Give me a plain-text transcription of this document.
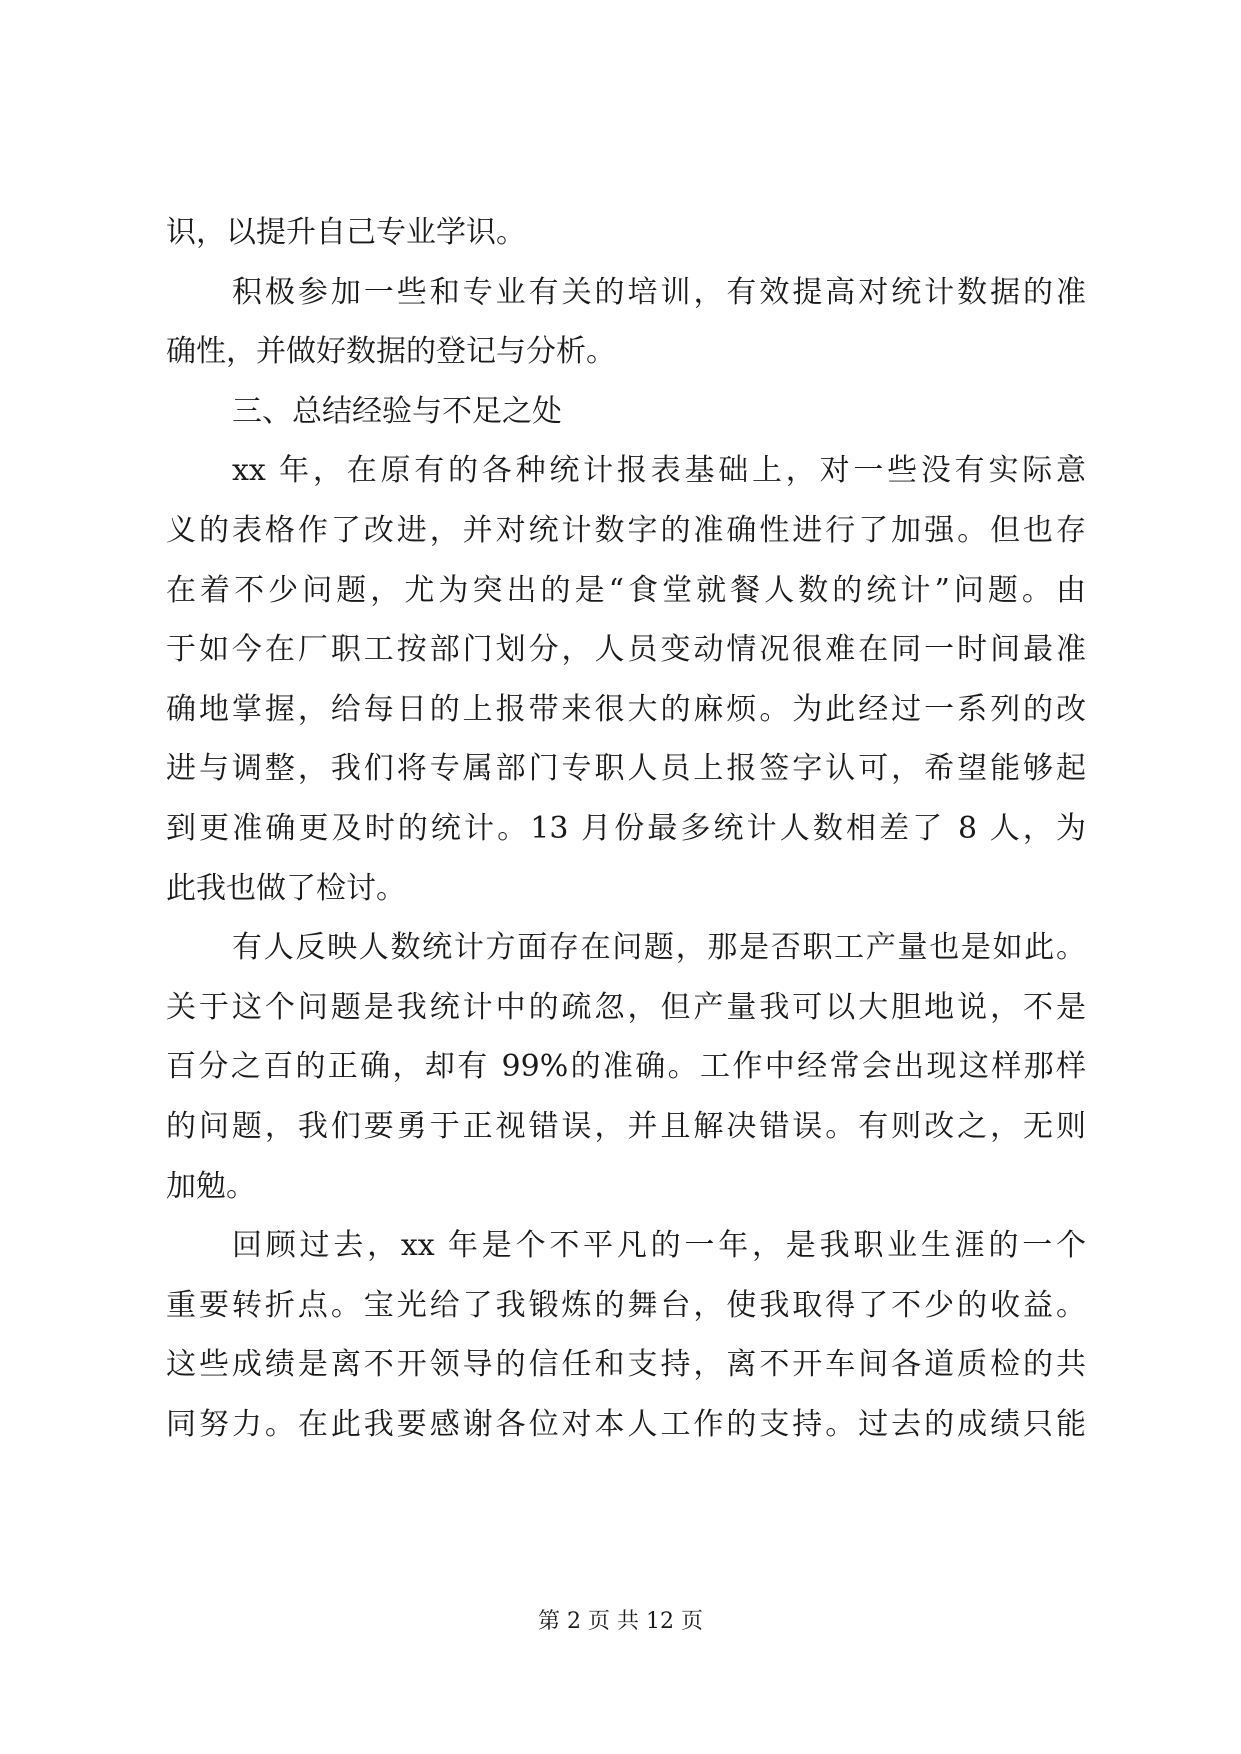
识，以提升自己专业学识。
积极参加一些和专业有关的培训，有效提高对统计数据的准
确性，并做好数据的登记与分析。
三、总结经验与不足之处
xx 年，在原有的各种统计报表基础上，对一些没有实际意
义的表格作了改进，并对统计数字的准确性进行了加强。但也存
在着不少问题，尤为突出的是“食堂就餐人数的统计”问题。由
于如今在厂职工按部门划分，人员变动情况很难在同一时间最准
确地掌握，给每日的上报带来很大的麻烦。为此经过一系列的改
进与调整，我们将专属部门专职人员上报签字认可，希望能够起
到更准确更及时的统计。13 月份最多统计人数相差了 8 人，为
此我也做了检讨。
有人反映人数统计方面存在问题，那是否职工产量也是如此。
关于这个问题是我统计中的疏忽，但产量我可以大胆地说，不是
百分之百的正确，却有 99%的准确。工作中经常会出现这样那样
的问题，我们要勇于正视错误，并且解决错误。有则改之，无则
加勉。
回顾过去，xx 年是个不平凡的一年，是我职业生涯的一个
重要转折点。宝光给了我锻炼的舞台，使我取得了不少的收益。
这些成绩是离不开领导的信任和支持，离不开车间各道质检的共
同努力。在此我要感谢各位对本人工作的支持。过去的成绩只能
第 2 页 共 12 页
